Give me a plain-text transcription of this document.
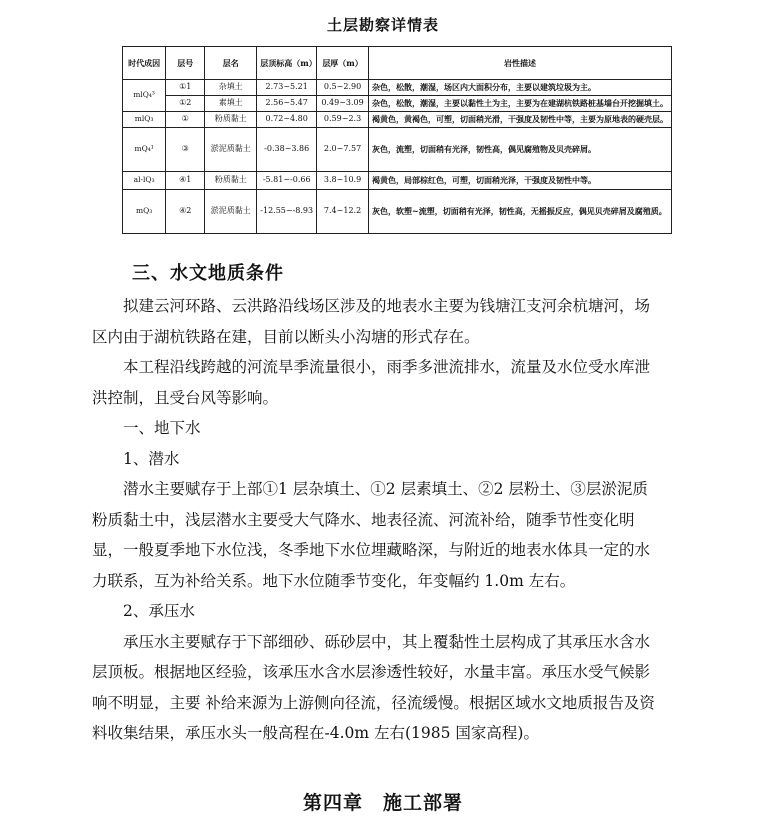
土层勘察详情表
时代成因	层号	层名	层顶标高（m）	层厚（m）	岩性描述
mlQ₄³	①1	杂填土	2.73~5.21	0.5~2.90	杂色，松散，潮湿，场区内大面积分布，主要以建筑垃圾为主。
	①2	素填土	2.56~5.47	0.49~3.09	杂色，松散，潮湿，主要以黏性土为主，主要为在建湖杭铁路桩基墙台开挖掘填土。
mlQ₃	①	粉质黏土	0.72~4.80	0.59~2.3	褐黄色，黄褐色，可塑，切面稍光滑，干强度及韧性中等，主要为原地表的硬壳层。
mQ₄¹	③	淤泥质黏土	-0.38~3.86	2.0~7.57	灰色，流塑，切面稍有光泽，韧性高，偶见腐殖物及贝壳碎屑。
al-lQ₃	④1	粉质黏土	-5.81~-0.66	3.8~10.9	褐黄色，局部棕红色，可塑，切面稍光泽，干强度及韧性中等。
mQ₃	④2	淤泥质黏土	-12.55~-8.93	7.4~12.2	灰色，软塑~流塑，切面稍有光泽，韧性高，无摇振反应，偶见贝壳碎屑及腐殖质。
三、水文地质条件

拟建云河环路、云洪路沿线场区涉及的地表水主要为钱塘江支河余杭塘河，场区内由于湖杭铁路在建，目前以断头小沟塘的形式存在。

本工程沿线跨越的河流旱季流量很小，雨季多泄流排水，流量及水位受水库泄洪控制，且受台风等影响。

一、地下水

1、潜水

潜水主要赋存于上部①1 层杂填土、①2 层素填土、②2 层粉土、③层淤泥质粉质黏土中，浅层潜水主要受大气降水、地表径流、河流补给，随季节性变化明显，一般夏季地下水位浅，冬季地下水位埋藏略深，与附近的地表水体具一定的水力联系，互为补给关系。地下水位随季节变化，年变幅约 1.0m 左右。

2、承压水

承压水主要赋存于下部细砂、砾砂层中，其上覆黏性土层构成了其承压水含水层顶板。根据地区经验，该承压水含水层渗透性较好，水量丰富。承压水受气候影响不明显，主要 补给来源为上游侧向径流，径流缓慢。根据区域水文地质报告及资料收集结果，承压水头一般高程在-4.0m 左右(1985 国家高程)。

第四章　施工部署
